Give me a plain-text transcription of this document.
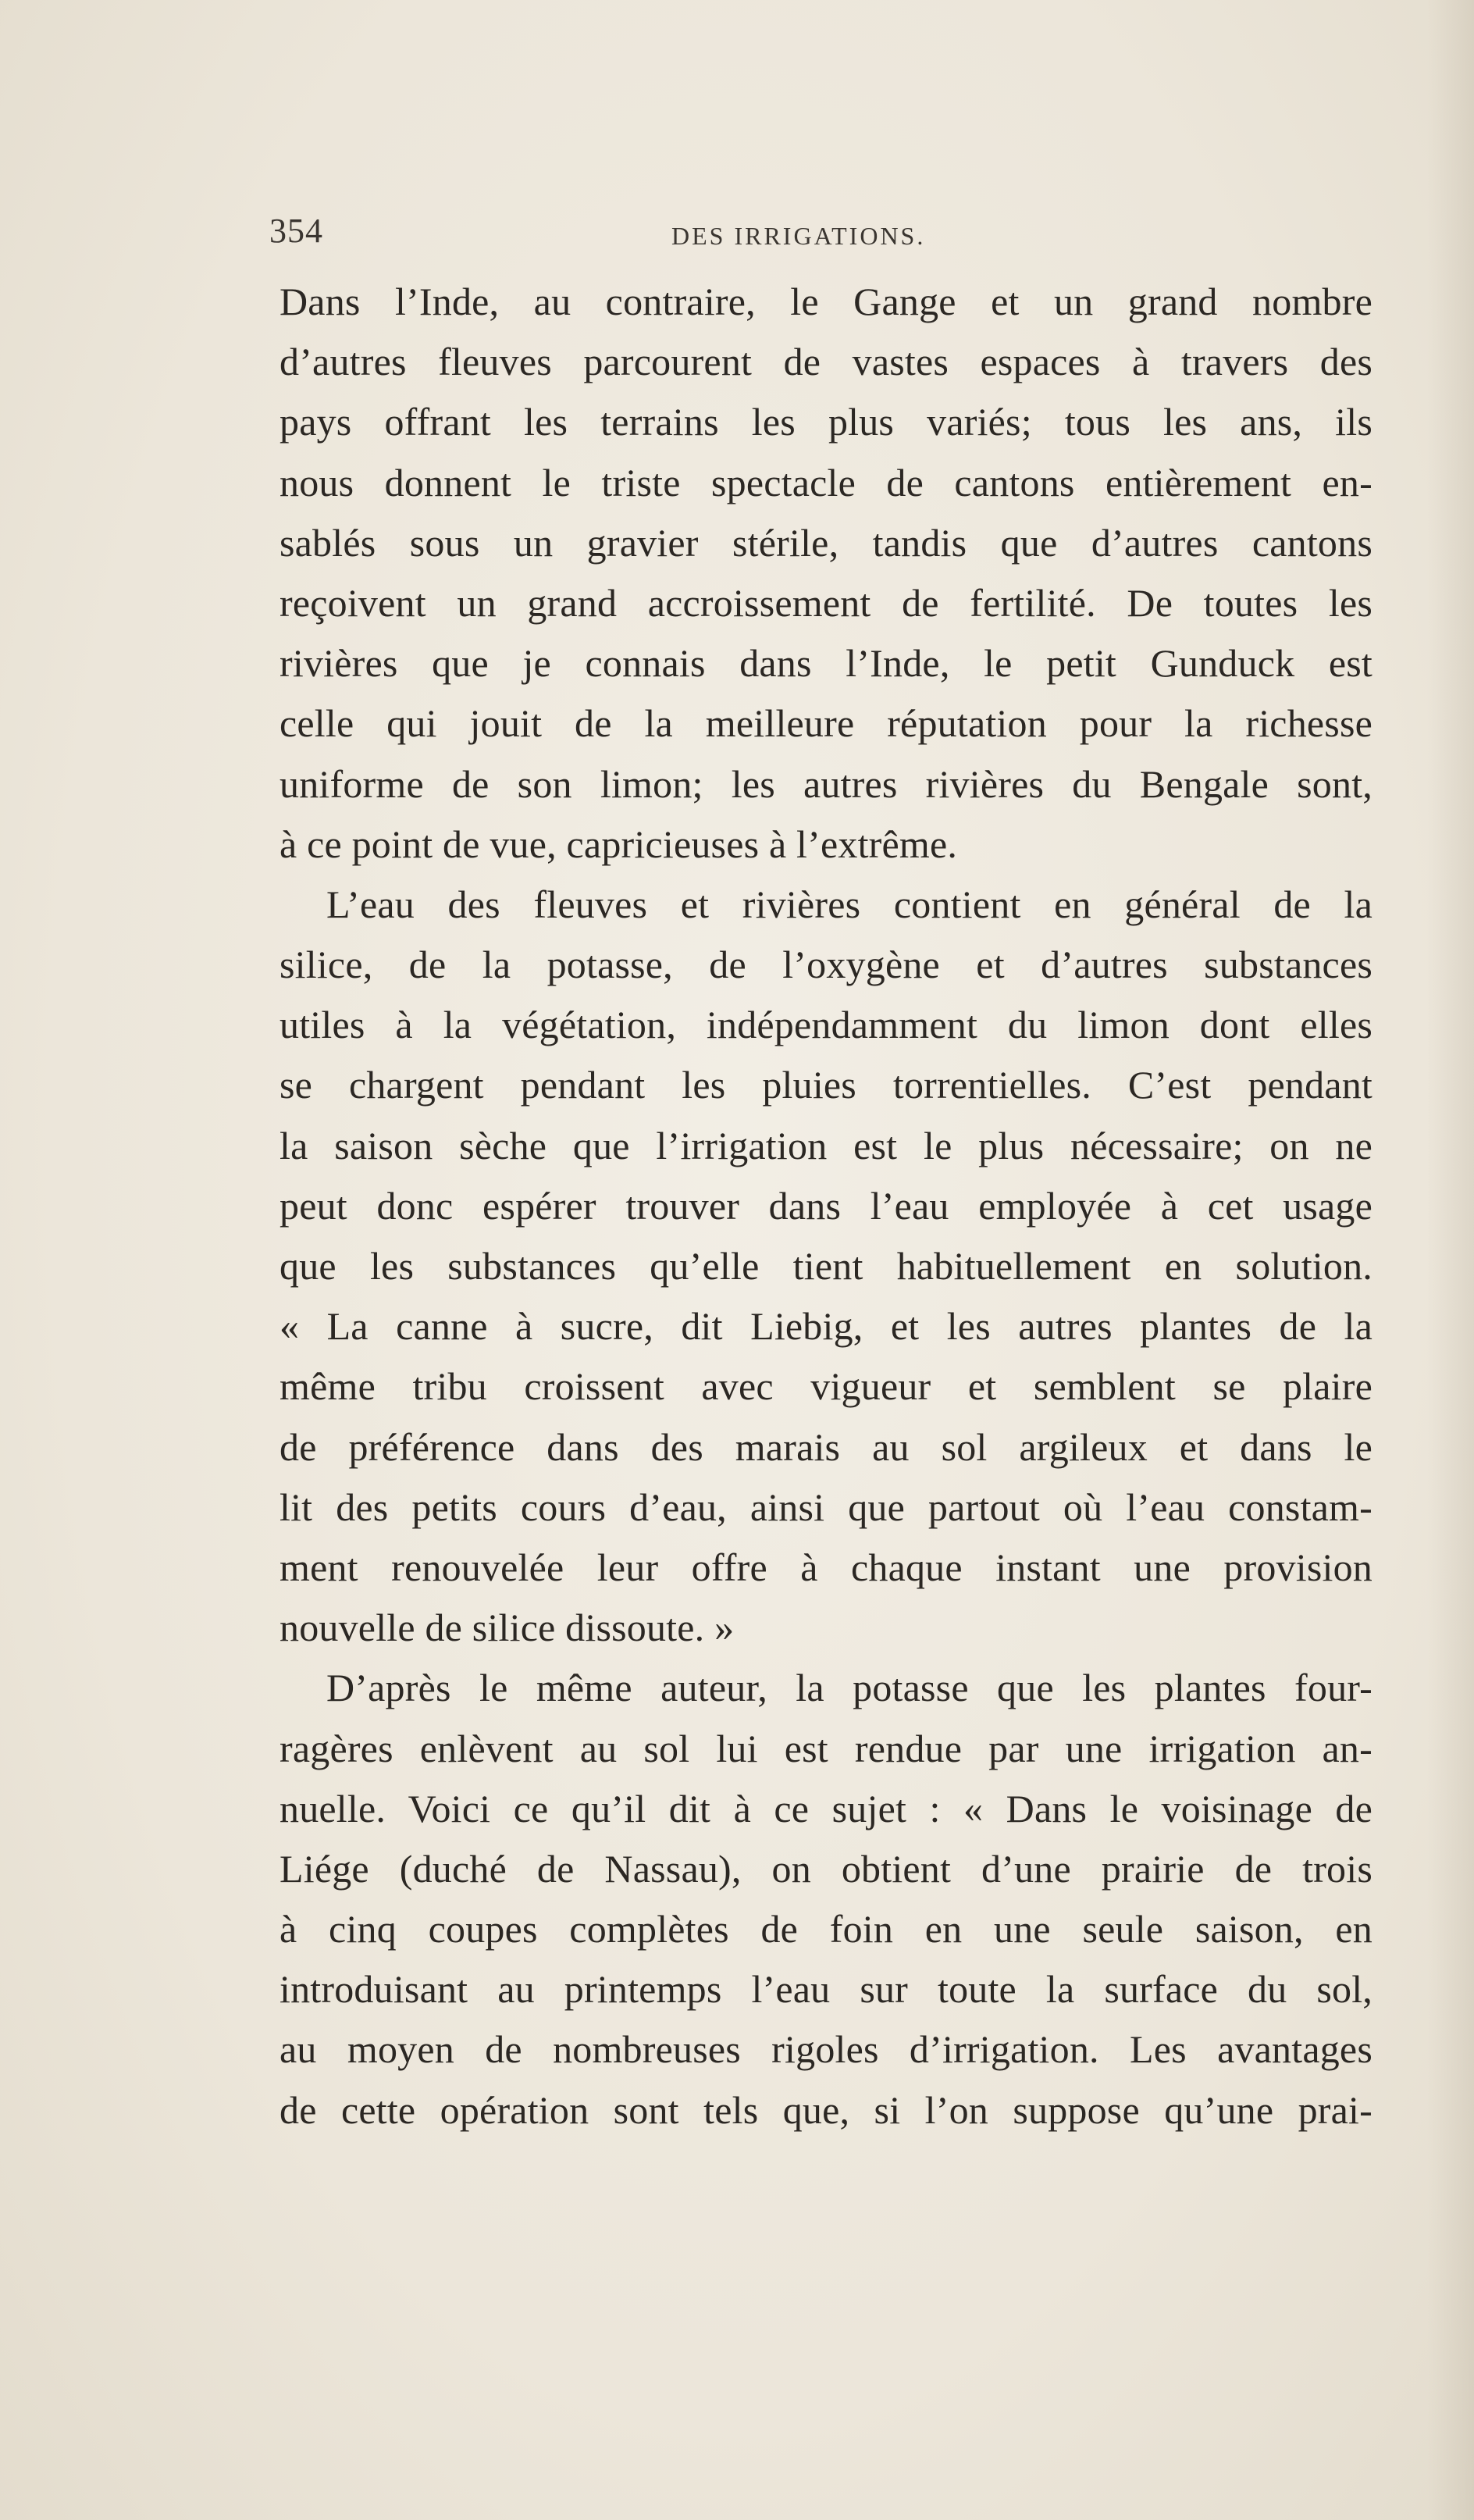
354	DES IRRIGATIONS.
Dans l’Inde, au contraire, le Gange et un grand nombre
d’autres fleuves parcourent de vastes espaces à travers des
pays offrant les terrains les plus variés; tous les ans, ils
nous donnent le triste spectacle de cantons entièrement en-
sablés sous un gravier stérile, tandis que d’autres cantons
reçoivent un grand accroissement de fertilité. De toutes les
rivières que je connais dans l’Inde, le petit Gunduck est
celle qui jouit de la meilleure réputation pour la richesse
uniforme de son limon; les autres rivières du Bengale sont,
à ce point de vue, capricieuses à l’extrême.
L’eau des fleuves et rivières contient en général de la
silice, de la potasse, de l’oxygène et d’autres substances
utiles à la végétation, indépendamment du limon dont elles
se chargent pendant les pluies torrentielles. C’est pendant
la saison sèche que l’irrigation est le plus nécessaire; on ne
peut donc espérer trouver dans l’eau employée à cet usage
que les substances qu’elle tient habituellement en solution.
« La canne à sucre, dit Liebig, et les autres plantes de la
même tribu croissent avec vigueur et semblent se plaire
de préférence dans des marais au sol argileux et dans le
lit des petits cours d’eau, ainsi que partout où l’eau constam-
ment renouvelée leur offre à chaque instant une provision
nouvelle de silice dissoute. »
D’après le même auteur, la potasse que les plantes four-
ragères enlèvent au sol lui est rendue par une irrigation an-
nuelle. Voici ce qu’il dit à ce sujet : « Dans le voisinage de
Liége (duché de Nassau), on obtient d’une prairie de trois
à cinq coupes complètes de foin en une seule saison, en
introduisant au printemps l’eau sur toute la surface du sol,
au moyen de nombreuses rigoles d’irrigation. Les avantages
de cette opération sont tels que, si l’on suppose qu’une prai-
